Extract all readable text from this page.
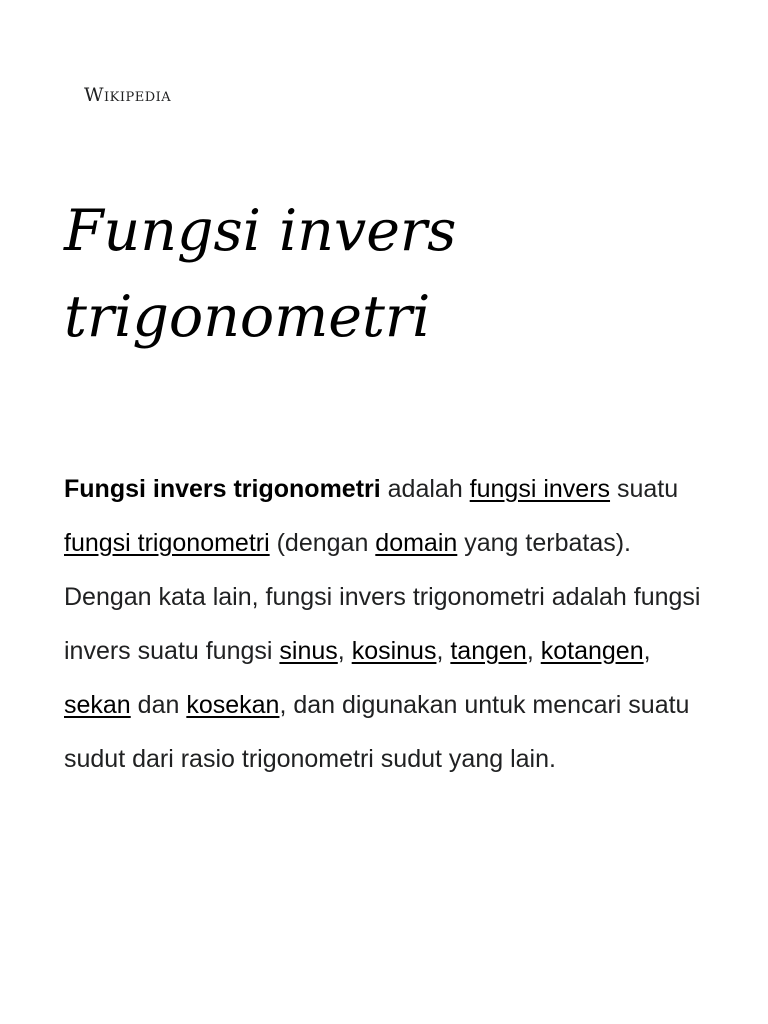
Wikipedia
Fungsi invers trigonometri

Fungsi invers trigonometri adalah fungsi invers suatu fungsi trigonometri (dengan domain yang terbatas). Dengan kata lain, fungsi invers trigonometri adalah fungsi invers suatu fungsi sinus, kosinus, tangen, kotangen, sekan dan kosekan, dan digunakan untuk mencari suatu sudut dari rasio trigonometri sudut yang lain.
